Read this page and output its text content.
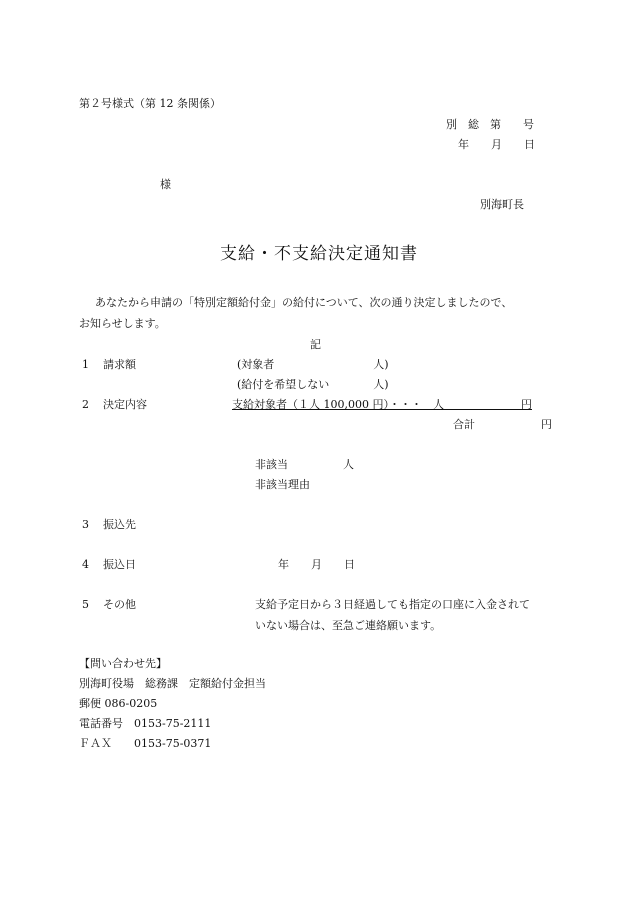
第２号様式（第 12 条関係）
別　総　第　　号
年　　月　　日
様
別海町長
支給・不支給決定通知書
あなたから申請の「特別定額給付金」の給付について、次の通り決定しましたので、
お知らせします。
記
1 請求額	(対象者　　　　　　　　　人)
(給付を希望しない　　　　人)
2 決定内容	支給対象者（１人 100,000 円）・・・　人　　　　　　　円
合計　　　　　　円
非該当　　　　　人
非該当理由
3 振込先
4 振込日	年　　月　　日
5 その他	支給予定日から３日経過しても指定の口座に入金されて
いない場合は、至急ご連絡願います。
【問い合わせ先】
別海町役場　総務課　定額給付金担当
郵便 086-0205
電話番号　0153-75-2111
ＦＡＸ　　0153-75-0371
